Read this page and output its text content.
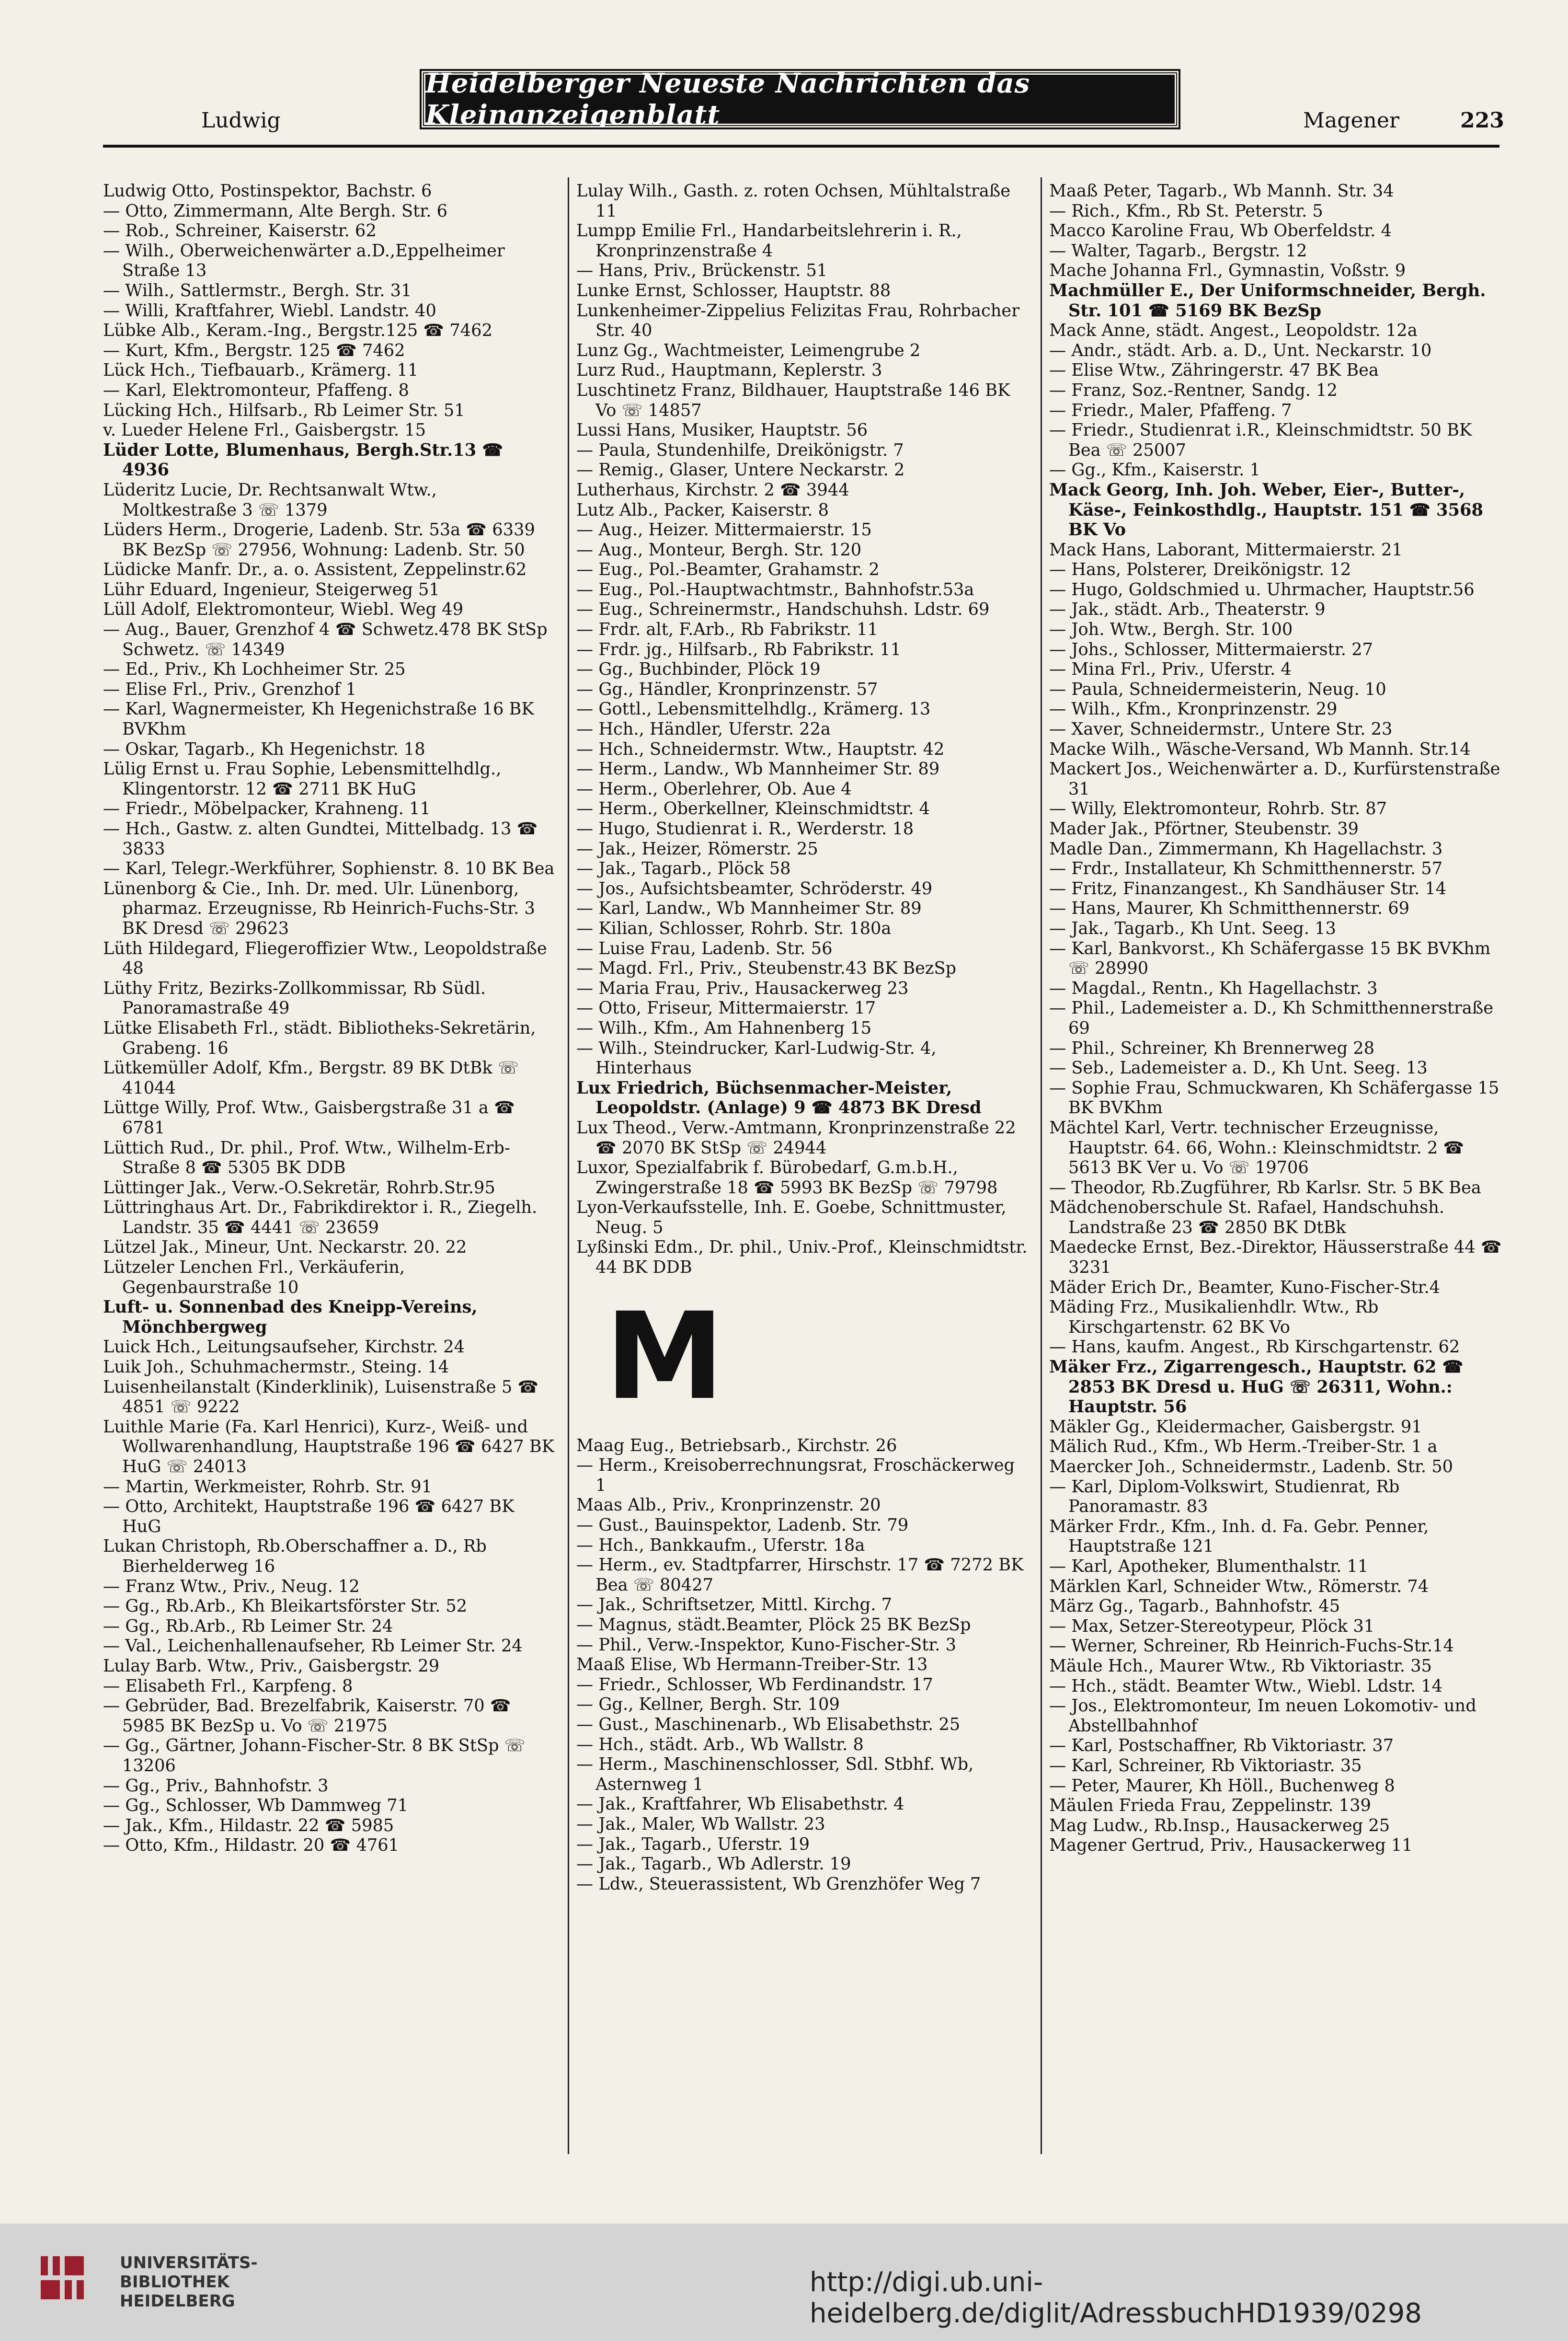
Heidelberger Neueste Nachrichten das Kleinanzeigenblatt
Ludwig	Magener	223

Ludwig Otto, Postinspektor, Bachstr. 6

— Otto, Zimmermann, Alte Bergh. Str. 6

— Rob., Schreiner, Kaiserstr. 62

— Wilh., Oberweichenwärter a.D.,Eppelheimer Straße 13

— Wilh., Sattlermstr., Bergh. Str. 31

— Willi, Kraftfahrer, Wiebl. Landstr. 40

Lübke Alb., Keram.-Ing., Bergstr.125 ☎ 7462

— Kurt, Kfm., Bergstr. 125 ☎ 7462

Lück Hch., Tiefbauarb., Krämerg. 11

— Karl, Elektromonteur, Pfaffeng. 8

Lücking Hch., Hilfsarb., Rb Leimer Str. 51

v. Lueder Helene Frl., Gaisbergstr. 15

Lüder Lotte, Blumenhaus, Bergh.Str.13 ☎ 4936

Lüderitz Lucie, Dr. Rechtsanwalt Wtw., Moltkestraße 3 ☏ 1379

Lüders Herm., Drogerie, Ladenb. Str. 53a ☎ 6339 BK BezSp ☏ 27956, Wohnung: Ladenb. Str. 50

Lüdicke Manfr. Dr., a. o. Assistent, Zeppelinstr.62

Lühr Eduard, Ingenieur, Steigerweg 51

Lüll Adolf, Elektromonteur, Wiebl. Weg 49

— Aug., Bauer, Grenzhof 4 ☎ Schwetz.478 BK StSp Schwetz. ☏ 14349

— Ed., Priv., Kh Lochheimer Str. 25

— Elise Frl., Priv., Grenzhof 1

— Karl, Wagnermeister, Kh Hegenichstraße 16 BK BVKhm

— Oskar, Tagarb., Kh Hegenichstr. 18

Lülig Ernst u. Frau Sophie, Lebensmittelhdlg., Klingentorstr. 12 ☎ 2711 BK HuG

— Friedr., Möbelpacker, Krahneng. 11

— Hch., Gastw. z. alten Gundtei, Mittelbadg. 13 ☎ 3833

— Karl, Telegr.-Werkführer, Sophienstr. 8. 10 BK Bea

Lünenborg & Cie., Inh. Dr. med. Ulr. Lünenborg, pharmaz. Erzeugnisse, Rb Heinrich-Fuchs-Str. 3 BK Dresd ☏ 29623

Lüth Hildegard, Fliegeroffizier Wtw., Leopoldstraße 48

Lüthy Fritz, Bezirks-Zollkommissar, Rb Südl. Panoramastraße 49

Lütke Elisabeth Frl., städt. Bibliotheks-Sekretärin, Grabeng. 16

Lütkemüller Adolf, Kfm., Bergstr. 89 BK DtBk ☏ 41044

Lüttge Willy, Prof. Wtw., Gaisbergstraße 31 a ☎ 6781

Lüttich Rud., Dr. phil., Prof. Wtw., Wilhelm-Erb-Straße 8 ☎ 5305 BK DDB

Lüttinger Jak., Verw.-O.Sekretär, Rohrb.Str.95

Lüttringhaus Art. Dr., Fabrikdirektor i. R., Ziegelh. Landstr. 35 ☎ 4441 ☏ 23659

Lützel Jak., Mineur, Unt. Neckarstr. 20. 22

Lützeler Lenchen Frl., Verkäuferin, Gegenbaurstraße 10

Luft- u. Sonnenbad des Kneipp-Vereins, Mönchbergweg

Luick Hch., Leitungsaufseher, Kirchstr. 24

Luik Joh., Schuhmachermstr., Steing. 14

Luisenheilanstalt (Kinderklinik), Luisenstraße 5 ☎ 4851 ☏ 9222

Luithle Marie (Fa. Karl Henrici), Kurz-, Weiß- und Wollwarenhandlung, Hauptstraße 196 ☎ 6427 BK HuG ☏ 24013

— Martin, Werkmeister, Rohrb. Str. 91

— Otto, Architekt, Hauptstraße 196 ☎ 6427 BK HuG

Lukan Christoph, Rb.Oberschaffner a. D., Rb Bierhelderweg 16

— Franz Wtw., Priv., Neug. 12

— Gg., Rb.Arb., Kh Bleikartsförster Str. 52

— Gg., Rb.Arb., Rb Leimer Str. 24

— Val., Leichenhallenaufseher, Rb Leimer Str. 24

Lulay Barb. Wtw., Priv., Gaisbergstr. 29

— Elisabeth Frl., Karpfeng. 8

— Gebrüder, Bad. Brezelfabrik, Kaiserstr. 70 ☎ 5985 BK BezSp u. Vo ☏ 21975

— Gg., Gärtner, Johann-Fischer-Str. 8 BK StSp ☏ 13206

— Gg., Priv., Bahnhofstr. 3

— Gg., Schlosser, Wb Dammweg 71

— Jak., Kfm., Hildastr. 22 ☎ 5985

— Otto, Kfm., Hildastr. 20 ☎ 4761

Lulay Wilh., Gasth. z. roten Ochsen, Mühltalstraße 11

Lumpp Emilie Frl., Handarbeitslehrerin i. R., Kronprinzenstraße 4

— Hans, Priv., Brückenstr. 51

Lunke Ernst, Schlosser, Hauptstr. 88

Lunkenheimer-Zippelius Felizitas Frau, Rohrbacher Str. 40

Lunz Gg., Wachtmeister, Leimengrube 2

Lurz Rud., Hauptmann, Keplerstr. 3

Luschtinetz Franz, Bildhauer, Hauptstraße 146 BK Vo ☏ 14857

Lussi Hans, Musiker, Hauptstr. 56

— Paula, Stundenhilfe, Dreikönigstr. 7

— Remig., Glaser, Untere Neckarstr. 2

Lutherhaus, Kirchstr. 2 ☎ 3944

Lutz Alb., Packer, Kaiserstr. 8

— Aug., Heizer. Mittermaierstr. 15

— Aug., Monteur, Bergh. Str. 120

— Eug., Pol.-Beamter, Grahamstr. 2

— Eug., Pol.-Hauptwachtmstr., Bahnhofstr.53a

— Eug., Schreinermstr., Handschuhsh. Ldstr. 69

— Frdr. alt, F.Arb., Rb Fabrikstr. 11

— Frdr. jg., Hilfsarb., Rb Fabrikstr. 11

— Gg., Buchbinder, Plöck 19

— Gg., Händler, Kronprinzenstr. 57

— Gottl., Lebensmittelhdlg., Krämerg. 13

— Hch., Händler, Uferstr. 22a

— Hch., Schneidermstr. Wtw., Hauptstr. 42

— Herm., Landw., Wb Mannheimer Str. 89

— Herm., Oberlehrer, Ob. Aue 4

— Herm., Oberkellner, Kleinschmidtstr. 4

— Hugo, Studienrat i. R., Werderstr. 18

— Jak., Heizer, Römerstr. 25

— Jak., Tagarb., Plöck 58

— Jos., Aufsichtsbeamter, Schröderstr. 49

— Karl, Landw., Wb Mannheimer Str. 89

— Kilian, Schlosser, Rohrb. Str. 180a

— Luise Frau, Ladenb. Str. 56

— Magd. Frl., Priv., Steubenstr.43 BK BezSp

— Maria Frau, Priv., Hausackerweg 23

— Otto, Friseur, Mittermaierstr. 17

— Wilh., Kfm., Am Hahnenberg 15

— Wilh., Steindrucker, Karl-Ludwig-Str. 4, Hinterhaus

Lux Friedrich, Büchsenmacher-Meister, Leopoldstr. (Anlage) 9 ☎ 4873 BK Dresd

Lux Theod., Verw.-Amtmann, Kronprinzenstraße 22 ☎ 2070 BK StSp ☏ 24944

Luxor, Spezialfabrik f. Bürobedarf, G.m.b.H., Zwingerstraße 18 ☎ 5993 BK BezSp ☏ 79798

Lyon-Verkaufsstelle, Inh. E. Goebe, Schnittmuster, Neug. 5

Lyßinski Edm., Dr. phil., Univ.-Prof., Kleinschmidtstr. 44 BK DDB

M

Maag Eug., Betriebsarb., Kirchstr. 26

— Herm., Kreisoberrechnungsrat, Froschäckerweg 1

Maas Alb., Priv., Kronprinzenstr. 20

— Gust., Bauinspektor, Ladenb. Str. 79

— Hch., Bankkaufm., Uferstr. 18a

— Herm., ev. Stadtpfarrer, Hirschstr. 17 ☎ 7272 BK Bea ☏ 80427

— Jak., Schriftsetzer, Mittl. Kirchg. 7

— Magnus, städt.Beamter, Plöck 25 BK BezSp

— Phil., Verw.-Inspektor, Kuno-Fischer-Str. 3

Maaß Elise, Wb Hermann-Treiber-Str. 13

— Friedr., Schlosser, Wb Ferdinandstr. 17

— Gg., Kellner, Bergh. Str. 109

— Gust., Maschinenarb., Wb Elisabethstr. 25

— Hch., städt. Arb., Wb Wallstr. 8

— Herm., Maschinenschlosser, Sdl. Stbhf. Wb, Asternweg 1

— Jak., Kraftfahrer, Wb Elisabethstr. 4

— Jak., Maler, Wb Wallstr. 23

— Jak., Tagarb., Uferstr. 19

— Jak., Tagarb., Wb Adlerstr. 19

— Ldw., Steuerassistent, Wb Grenzhöfer Weg 7

Maaß Peter, Tagarb., Wb Mannh. Str. 34

— Rich., Kfm., Rb St. Peterstr. 5

Macco Karoline Frau, Wb Oberfeldstr. 4

— Walter, Tagarb., Bergstr. 12

Mache Johanna Frl., Gymnastin, Voßstr. 9

Machmüller E., Der Uniformschneider, Bergh. Str. 101 ☎ 5169 BK BezSp

Mack Anne, städt. Angest., Leopoldstr. 12a

— Andr., städt. Arb. a. D., Unt. Neckarstr. 10

— Elise Wtw., Zähringerstr. 47 BK Bea

— Franz, Soz.-Rentner, Sandg. 12

— Friedr., Maler, Pfaffeng. 7

— Friedr., Studienrat i.R., Kleinschmidtstr. 50 BK Bea ☏ 25007

— Gg., Kfm., Kaiserstr. 1

Mack Georg, Inh. Joh. Weber, Eier-, Butter-, Käse-, Feinkosthdlg., Hauptstr. 151 ☎ 3568 BK Vo

Mack Hans, Laborant, Mittermaierstr. 21

— Hans, Polsterer, Dreikönigstr. 12

— Hugo, Goldschmied u. Uhrmacher, Hauptstr.56

— Jak., städt. Arb., Theaterstr. 9

— Joh. Wtw., Bergh. Str. 100

— Johs., Schlosser, Mittermaierstr. 27

— Mina Frl., Priv., Uferstr. 4

— Paula, Schneidermeisterin, Neug. 10

— Wilh., Kfm., Kronprinzenstr. 29

— Xaver, Schneidermstr., Untere Str. 23

Macke Wilh., Wäsche-Versand, Wb Mannh. Str.14

Mackert Jos., Weichenwärter a. D., Kurfürstenstraße 31

— Willy, Elektromonteur, Rohrb. Str. 87

Mader Jak., Pförtner, Steubenstr. 39

Madle Dan., Zimmermann, Kh Hagellachstr. 3

— Frdr., Installateur, Kh Schmitthennerstr. 57

— Fritz, Finanzangest., Kh Sandhäuser Str. 14

— Hans, Maurer, Kh Schmitthennerstr. 69

— Jak., Tagarb., Kh Unt. Seeg. 13

— Karl, Bankvorst., Kh Schäfergasse 15 BK BVKhm ☏ 28990

— Magdal., Rentn., Kh Hagellachstr. 3

— Phil., Lademeister a. D., Kh Schmitthennerstraße 69

— Phil., Schreiner, Kh Brennerweg 28

— Seb., Lademeister a. D., Kh Unt. Seeg. 13

— Sophie Frau, Schmuckwaren, Kh Schäfergasse 15 BK BVKhm

Mächtel Karl, Vertr. technischer Erzeugnisse, Hauptstr. 64. 66, Wohn.: Kleinschmidtstr. 2 ☎ 5613 BK Ver u. Vo ☏ 19706

— Theodor, Rb.Zugführer, Rb Karlsr. Str. 5 BK Bea

Mädchenoberschule St. Rafael, Handschuhsh. Landstraße 23 ☎ 2850 BK DtBk

Maedecke Ernst, Bez.-Direktor, Häusserstraße 44 ☎ 3231

Mäder Erich Dr., Beamter, Kuno-Fischer-Str.4

Mäding Frz., Musikalienhdlr. Wtw., Rb Kirschgartenstr. 62 BK Vo

— Hans, kaufm. Angest., Rb Kirschgartenstr. 62

Mäker Frz., Zigarrengesch., Hauptstr. 62 ☎ 2853 BK Dresd u. HuG ☏ 26311, Wohn.: Hauptstr. 56

Mäkler Gg., Kleidermacher, Gaisbergstr. 91

Mälich Rud., Kfm., Wb Herm.-Treiber-Str. 1 a

Maercker Joh., Schneidermstr., Ladenb. Str. 50

— Karl, Diplom-Volkswirt, Studienrat, Rb Panoramastr. 83

Märker Frdr., Kfm., Inh. d. Fa. Gebr. Penner, Hauptstraße 121

— Karl, Apotheker, Blumenthalstr. 11

Märklen Karl, Schneider Wtw., Römerstr. 74

März Gg., Tagarb., Bahnhofstr. 45

— Max, Setzer-Stereotypeur, Plöck 31

— Werner, Schreiner, Rb Heinrich-Fuchs-Str.14

Mäule Hch., Maurer Wtw., Rb Viktoriastr. 35

— Hch., städt. Beamter Wtw., Wiebl. Ldstr. 14

— Jos., Elektromonteur, Im neuen Lokomotiv- und Abstellbahnhof

— Karl, Postschaffner, Rb Viktoriastr. 37

— Karl, Schreiner, Rb Viktoriastr. 35

— Peter, Maurer, Kh Höll., Buchenweg 8

Mäulen Frieda Frau, Zeppelinstr. 139

Mag Ludw., Rb.Insp., Hausackerweg 25

Magener Gertrud, Priv., Hausackerweg 11

UNIVERSITÄTS-
BIBLIOTHEK
HEIDELBERG
http://digi.ub.uni-heidelberg.de/diglit/AdressbuchHD1939/0298
